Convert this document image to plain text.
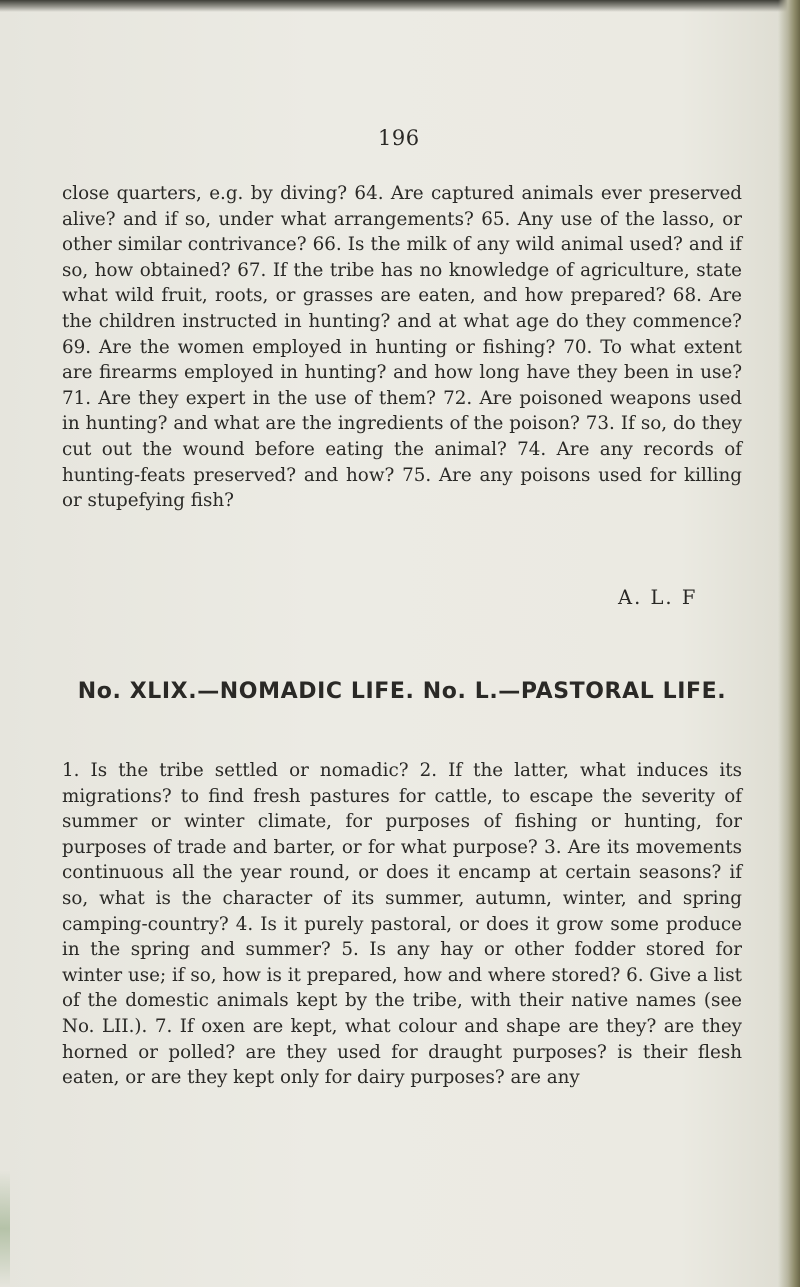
196

close quarters, e.g. by diving? 64. Are captured animals ever preserved alive? and if so, under what arrangements? 65. Any use of the lasso, or other similar contrivance? 66. Is the milk of any wild animal used? and if so, how obtained? 67. If the tribe has no knowledge of agriculture, state what wild fruit, roots, or grasses are eaten, and how prepared? 68. Are the children instructed in hunting? and at what age do they commence? 69. Are the women employed in hunting or fishing? 70. To what extent are firearms employed in hunting? and how long have they been in use? 71. Are they expert in the use of them? 72. Are poisoned weapons used in hunting? and what are the ingredients of the poison? 73. If so, do they cut out the wound before eating the animal? 74. Are any records of hunting-feats preserved? and how? 75. Are any poisons used for killing or stupefying fish?

A. L. F
No. XLIX.—NOMADIC LIFE. No. L.—PASTORAL LIFE.

1. Is the tribe settled or nomadic? 2. If the latter, what induces its migrations? to find fresh pastures for cattle, to escape the severity of summer or winter climate, for purposes of fishing or hunting, for purposes of trade and barter, or for what purpose? 3. Are its movements continuous all the year round, or does it encamp at certain seasons? if so, what is the character of its summer, autumn, winter, and spring camping-country? 4. Is it purely pastoral, or does it grow some produce in the spring and summer? 5. Is any hay or other fodder stored for winter use; if so, how is it prepared, how and where stored? 6. Give a list of the domestic animals kept by the tribe, with their native names (see No. LII.). 7. If oxen are kept, what colour and shape are they? are they horned or polled? are they used for draught purposes? is their flesh eaten, or are they kept only for dairy purposes? are any
